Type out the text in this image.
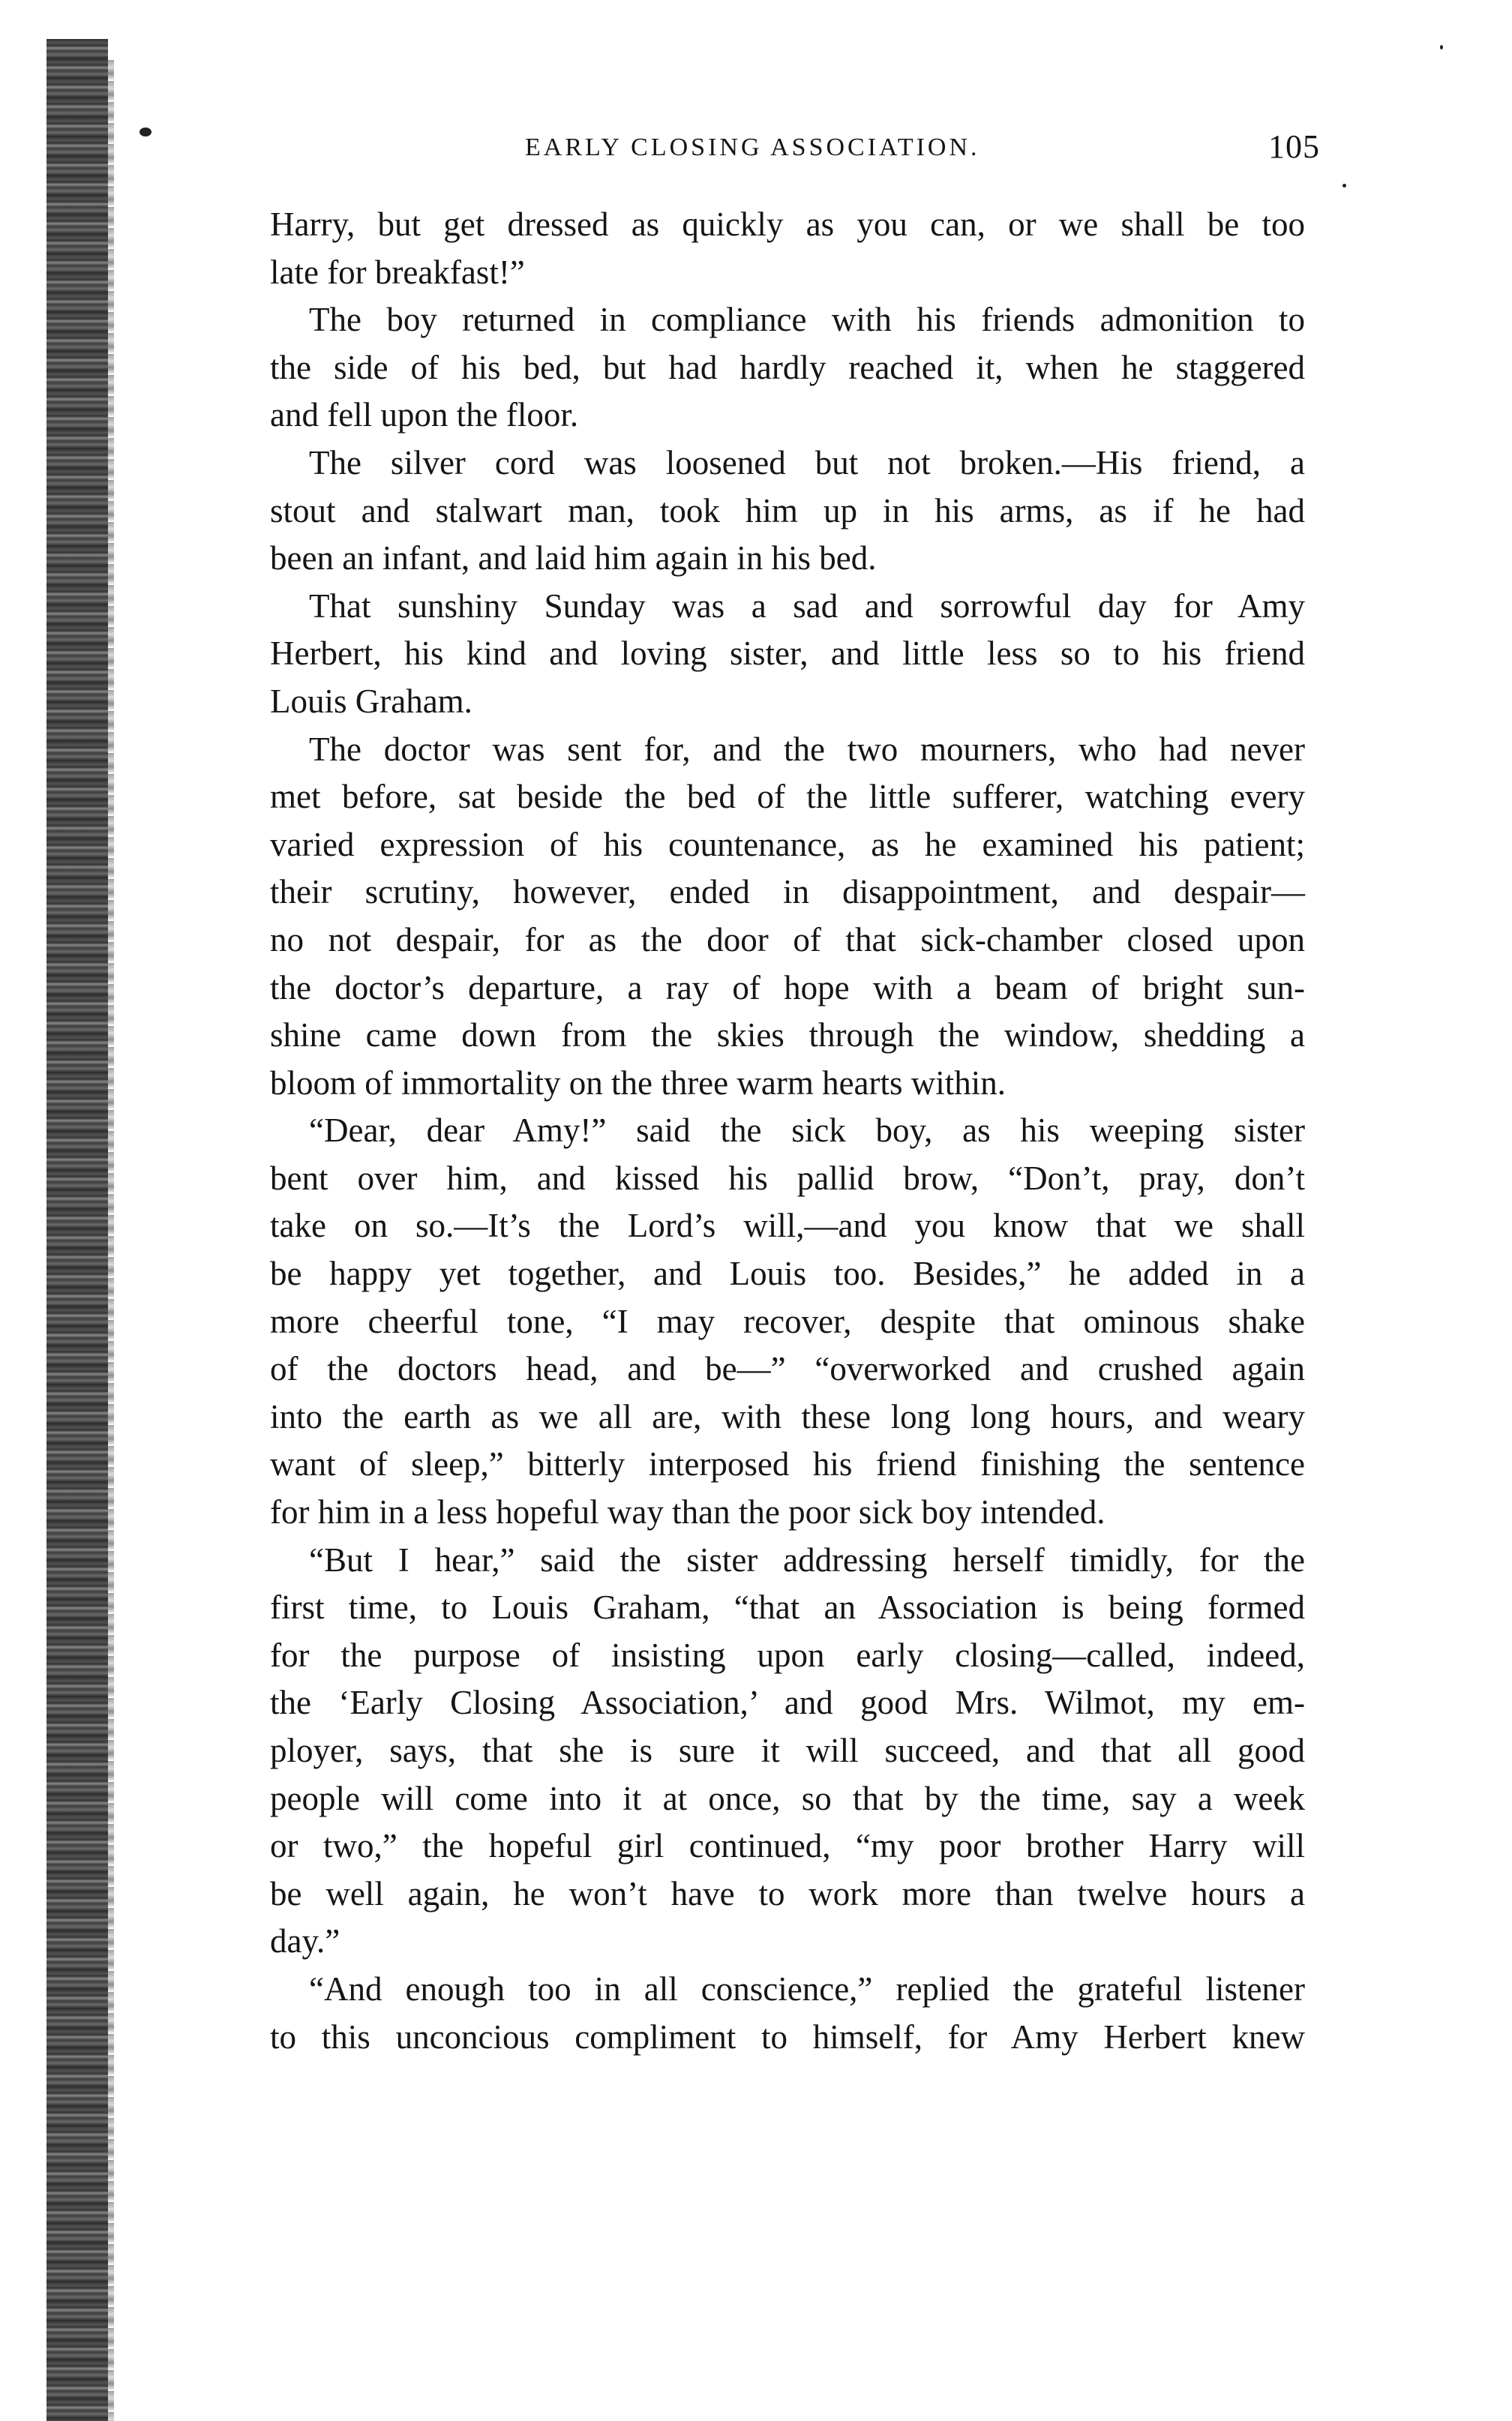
EARLY CLOSING ASSOCIATION.	105
Harry, but get dressed as quickly as you can, or we shall be too
late for breakfast!”
The boy returned in compliance with his friends admonition to
the side of his bed, but had hardly reached it, when he staggered
and fell upon the floor.
The silver cord was loosened but not broken.—His friend, a
stout and stalwart man, took him up in his arms, as if he had
been an infant, and laid him again in his bed.
That sunshiny Sunday was a sad and sorrowful day for Amy
Herbert, his kind and loving sister, and little less so to his friend
Louis Graham.
The doctor was sent for, and the two mourners, who had never
met before, sat beside the bed of the little sufferer, watching every
varied expression of his countenance, as he examined his patient;
their scrutiny, however, ended in disappointment, and despair—
no not despair, for as the door of that sick-chamber closed upon
the doctor’s departure, a ray of hope with a beam of bright sun-
shine came down from the skies through the window, shedding a
bloom of immortality on the three warm hearts within.
“Dear, dear Amy!” said the sick boy, as his weeping sister
bent over him, and kissed his pallid brow, “Don’t, pray, don’t
take on so.—It’s the Lord’s will,—and you know that we shall
be happy yet together, and Louis too. Besides,” he added in a
more cheerful tone, “I may recover, despite that ominous shake
of the doctors head, and be—” “overworked and crushed again
into the earth as we all are, with these long long hours, and weary
want of sleep,” bitterly interposed his friend finishing the sentence
for him in a less hopeful way than the poor sick boy intended.
“But I hear,” said the sister addressing herself timidly, for the
first time, to Louis Graham, “that an Association is being formed
for the purpose of insisting upon early closing—called, indeed,
the ‘Early Closing Association,’ and good Mrs. Wilmot, my em-
ployer, says, that she is sure it will succeed, and that all good
people will come into it at once, so that by the time, say a week
or two,” the hopeful girl continued, “my poor brother Harry will
be well again, he won’t have to work more than twelve hours a
day.”
“And enough too in all conscience,” replied the grateful listener
to this unconcious compliment to himself, for Amy Herbert knew
